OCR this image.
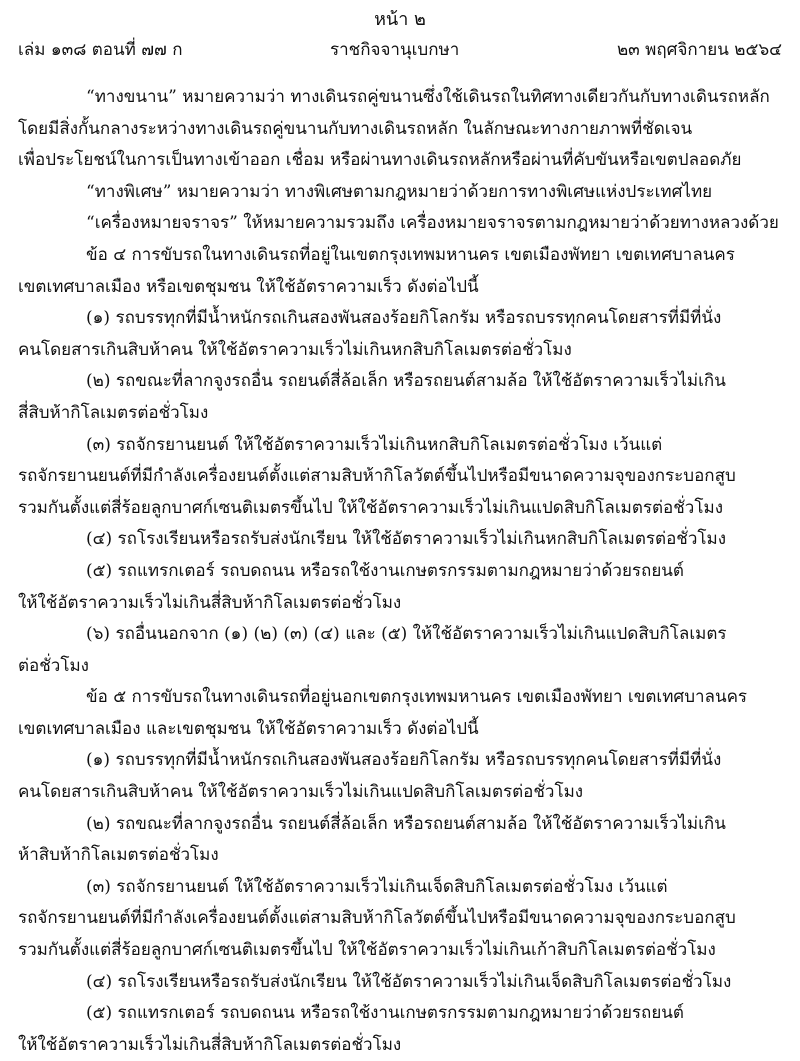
หน้า ๒
เล่ม ๑๓๘ ตอนที่ ๗๗ ก	ราชกิจจานุเบกษา	๒๓ พฤศจิกายน ๒๕๖๔
“ทางขนาน” หมายความว่า ทางเดินรถคู่ขนานซึ่งใช้เดินรถในทิศทางเดียวกันกับทางเดินรถหลัก
โดยมีสิ่งกั้นกลางระหว่างทางเดินรถคู่ขนานกับทางเดินรถหลัก ในลักษณะทางกายภาพที่ชัดเจน
เพื่อประโยชน์ในการเป็นทางเข้าออก เชื่อม หรือผ่านทางเดินรถหลักหรือผ่านที่คับขันหรือเขตปลอดภัย
“ทางพิเศษ” หมายความว่า ทางพิเศษตามกฎหมายว่าด้วยการทางพิเศษแห่งประเทศไทย
“เครื่องหมายจราจร” ให้หมายความรวมถึง เครื่องหมายจราจรตามกฎหมายว่าด้วยทางหลวงด้วย
ข้อ ๔ การขับรถในทางเดินรถที่อยู่ในเขตกรุงเทพมหานคร เขตเมืองพัทยา เขตเทศบาลนคร
เขตเทศบาลเมือง หรือเขตชุมชน ให้ใช้อัตราความเร็ว ดังต่อไปนี้
(๑) รถบรรทุกที่มีน้ำหนักรถเกินสองพันสองร้อยกิโลกรัม หรือรถบรรทุกคนโดยสารที่มีที่นั่ง
คนโดยสารเกินสิบห้าคน ให้ใช้อัตราความเร็วไม่เกินหกสิบกิโลเมตรต่อชั่วโมง
(๒) รถขณะที่ลากจูงรถอื่น รถยนต์สี่ล้อเล็ก หรือรถยนต์สามล้อ ให้ใช้อัตราความเร็วไม่เกิน
สี่สิบห้ากิโลเมตรต่อชั่วโมง
(๓) รถจักรยานยนต์ ให้ใช้อัตราความเร็วไม่เกินหกสิบกิโลเมตรต่อชั่วโมง เว้นแต่
รถจักรยานยนต์ที่มีกำลังเครื่องยนต์ตั้งแต่สามสิบห้ากิโลวัตต์ขึ้นไปหรือมีขนาดความจุของกระบอกสูบ
รวมกันตั้งแต่สี่ร้อยลูกบาศก์เซนติเมตรขึ้นไป ให้ใช้อัตราความเร็วไม่เกินแปดสิบกิโลเมตรต่อชั่วโมง
(๔) รถโรงเรียนหรือรถรับส่งนักเรียน ให้ใช้อัตราความเร็วไม่เกินหกสิบกิโลเมตรต่อชั่วโมง
(๕) รถแทรกเตอร์ รถบดถนน หรือรถใช้งานเกษตรกรรมตามกฎหมายว่าด้วยรถยนต์
ให้ใช้อัตราความเร็วไม่เกินสี่สิบห้ากิโลเมตรต่อชั่วโมง
(๖) รถอื่นนอกจาก (๑) (๒) (๓) (๔) และ (๕) ให้ใช้อัตราความเร็วไม่เกินแปดสิบกิโลเมตร
ต่อชั่วโมง
ข้อ ๕ การขับรถในทางเดินรถที่อยู่นอกเขตกรุงเทพมหานคร เขตเมืองพัทยา เขตเทศบาลนคร
เขตเทศบาลเมือง และเขตชุมชน ให้ใช้อัตราความเร็ว ดังต่อไปนี้
(๑) รถบรรทุกที่มีน้ำหนักรถเกินสองพันสองร้อยกิโลกรัม หรือรถบรรทุกคนโดยสารที่มีที่นั่ง
คนโดยสารเกินสิบห้าคน ให้ใช้อัตราความเร็วไม่เกินแปดสิบกิโลเมตรต่อชั่วโมง
(๒) รถขณะที่ลากจูงรถอื่น รถยนต์สี่ล้อเล็ก หรือรถยนต์สามล้อ ให้ใช้อัตราความเร็วไม่เกิน
ห้าสิบห้ากิโลเมตรต่อชั่วโมง
(๓) รถจักรยานยนต์ ให้ใช้อัตราความเร็วไม่เกินเจ็ดสิบกิโลเมตรต่อชั่วโมง เว้นแต่
รถจักรยานยนต์ที่มีกำลังเครื่องยนต์ตั้งแต่สามสิบห้ากิโลวัตต์ขึ้นไปหรือมีขนาดความจุของกระบอกสูบ
รวมกันตั้งแต่สี่ร้อยลูกบาศก์เซนติเมตรขึ้นไป ให้ใช้อัตราความเร็วไม่เกินเก้าสิบกิโลเมตรต่อชั่วโมง
(๔) รถโรงเรียนหรือรถรับส่งนักเรียน ให้ใช้อัตราความเร็วไม่เกินเจ็ดสิบกิโลเมตรต่อชั่วโมง
(๕) รถแทรกเตอร์ รถบดถนน หรือรถใช้งานเกษตรกรรมตามกฎหมายว่าด้วยรถยนต์
ให้ใช้อัตราความเร็วไม่เกินสี่สิบห้ากิโลเมตรต่อชั่วโมง
